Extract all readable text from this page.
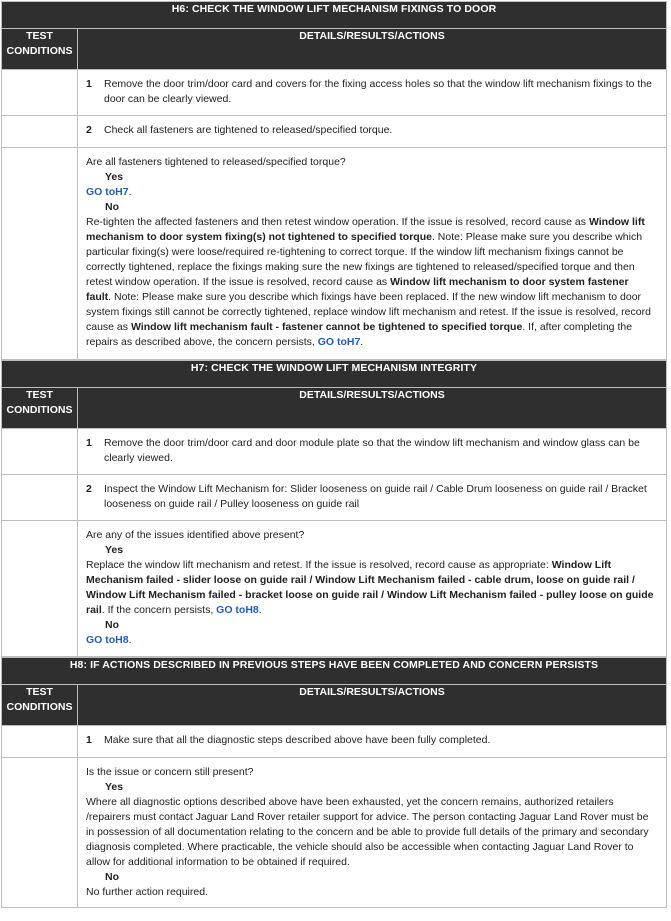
H6: CHECK THE WINDOW LIFT MECHANISM FIXINGS TO DOOR	
TEST
CONDITIONS	DETAILS/RESULTS/ACTIONS
	1 Remove the door trim/door card and covers for the fixing access holes so that the window lift mechanism fixings to the door can be clearly viewed.
	2 Check all fasteners are tightened to released/specified torque.

	Are all fasteners tightened to released/specified torque?

Yes

GO toH7.

No

Re-tighten the affected fasteners and then retest window operation. If the issue is resolved, record cause as Window lift mechanism to door system fixing(s) not tightened to specified torque. Note: Please make sure you describe which particular fixing(s) were loose/required re-tightening to correct torque. If the window lift mechanism fixings cannot be correctly tightened, replace the fixings making sure the new fixings are tightened to released/specified torque and then retest window operation. If the issue is resolved, record cause as Window lift mechanism to door system fastener fault. Note: Please make sure you describe which fixings have been replaced. If the new window lift mechanism to door system fixings still cannot be correctly tightened, replace window lift mechanism and retest. If the issue is resolved, record cause as Window lift mechanism fault - fastener cannot be tightened to specified torque. If, after completing the repairs as described above, the concern persists, GO toH7.

H7: CHECK THE WINDOW LIFT MECHANISM INTEGRITY	
TEST
CONDITIONS	DETAILS/RESULTS/ACTIONS
	1 Remove the door trim/door card and door module plate so that the window lift mechanism and window glass can be clearly viewed.
	2 Inspect the Window Lift Mechanism for: Slider looseness on guide rail / Cable Drum looseness on guide rail / Bracket looseness on guide rail / Pulley looseness on guide rail

	Are any of the issues identified above present?

Yes

Replace the window lift mechanism and retest. If the issue is resolved, record cause as appropriate: Window Lift Mechanism failed - slider loose on guide rail / Window Lift Mechanism failed - cable drum, loose on guide rail / Window Lift Mechanism failed - bracket loose on guide rail / Window Lift Mechanism failed - pulley loose on guide rail. If the concern persists, GO toH8.

No

GO toH8.

H8: IF ACTIONS DESCRIBED IN PREVIOUS STEPS HAVE BEEN COMPLETED AND CONCERN PERSISTS	
TEST
CONDITIONS	DETAILS/RESULTS/ACTIONS
	1 Make sure that all the diagnostic steps described above have been fully completed.

	Is the issue or concern still present?

Yes

Where all diagnostic options described above have been exhausted, yet the concern remains, authorized retailers /repairers must contact Jaguar Land Rover retailer support for advice. The person contacting Jaguar Land Rover must be in possession of all documentation relating to the concern and be able to provide full details of the primary and secondary diagnosis completed. Where practicable, the vehicle should also be accessible when contacting Jaguar Land Rover to allow for additional information to be obtained if required.

No

No further action required.
